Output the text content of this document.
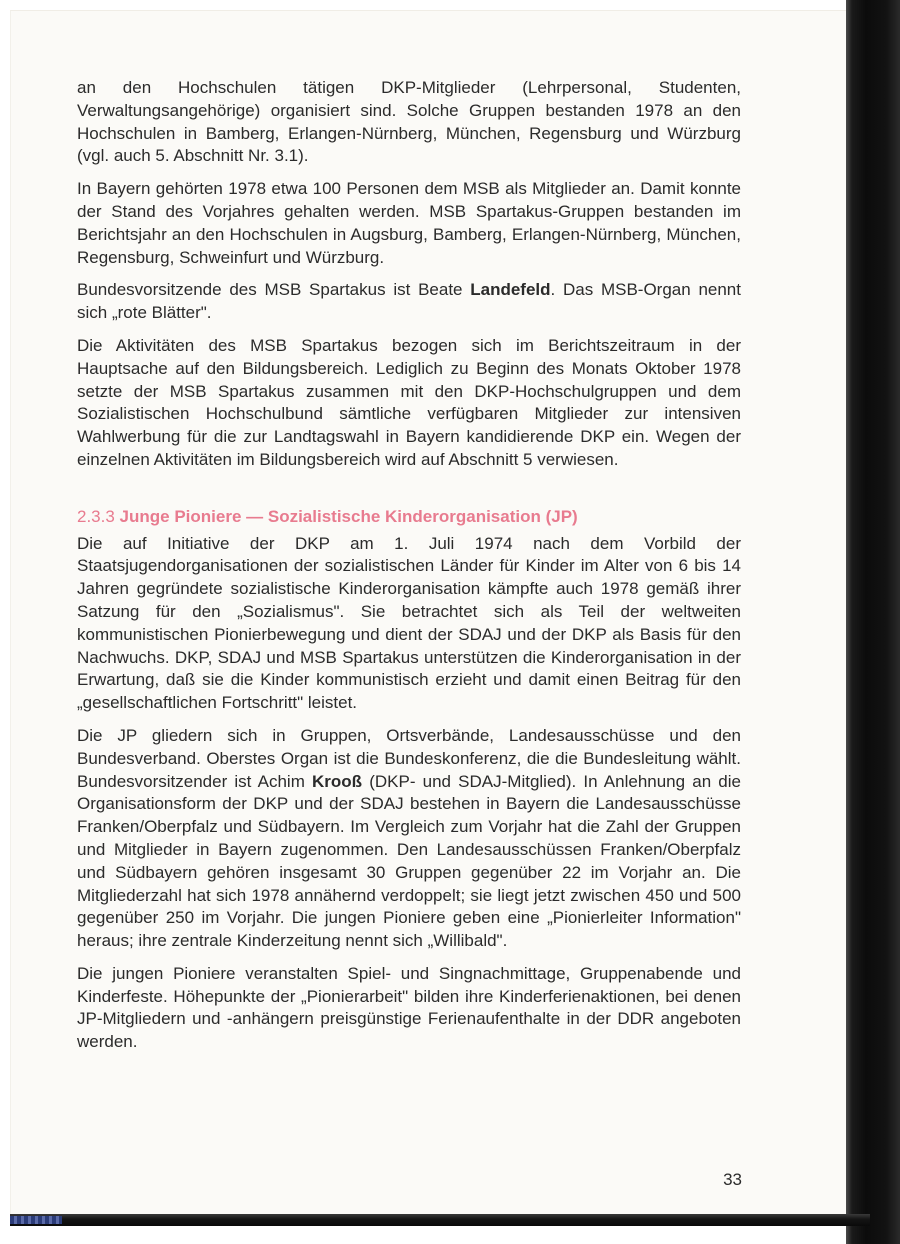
an den Hochschulen tätigen DKP-Mitglieder (Lehrpersonal, Studenten, Verwaltungsangehörige) organisiert sind. Solche Gruppen bestanden 1978 an den Hochschulen in Bamberg, Erlangen-Nürnberg, München, Regensburg und Würzburg (vgl. auch 5. Abschnitt Nr. 3.1).

In Bayern gehörten 1978 etwa 100 Personen dem MSB als Mitglieder an. Damit konnte der Stand des Vorjahres gehalten werden. MSB Spartakus-Gruppen bestanden im Berichtsjahr an den Hochschulen in Augsburg, Bamberg, Erlangen-Nürnberg, München, Regensburg, Schweinfurt und Würzburg.

Bundesvorsitzende des MSB Spartakus ist Beate Landefeld. Das MSB-Organ nennt sich „rote Blätter".

Die Aktivitäten des MSB Spartakus bezogen sich im Berichtszeitraum in der Hauptsache auf den Bildungsbereich. Lediglich zu Beginn des Monats Oktober 1978 setzte der MSB Spartakus zusammen mit den DKP-Hochschulgruppen und dem Sozialistischen Hochschulbund sämtliche verfügbaren Mitglieder zur intensiven Wahlwerbung für die zur Landtagswahl in Bayern kandidierende DKP ein. Wegen der einzelnen Aktivitäten im Bildungsbereich wird auf Abschnitt 5 verwiesen.

2.3.3 Junge Pioniere — Sozialistische Kinderorganisation (JP)

Die auf Initiative der DKP am 1. Juli 1974 nach dem Vorbild der Staatsjugendorganisationen der sozialistischen Länder für Kinder im Alter von 6 bis 14 Jahren gegründete sozialistische Kinderorganisation kämpfte auch 1978 gemäß ihrer Satzung für den „Sozialismus". Sie betrachtet sich als Teil der weltweiten kommunistischen Pionierbewegung und dient der SDAJ und der DKP als Basis für den Nachwuchs. DKP, SDAJ und MSB Spartakus unterstützen die Kinderorganisation in der Erwartung, daß sie die Kinder kommunistisch erzieht und damit einen Beitrag für den „gesellschaftlichen Fortschritt" leistet.

Die JP gliedern sich in Gruppen, Ortsverbände, Landesausschüsse und den Bundesverband. Oberstes Organ ist die Bundeskonferenz, die die Bundesleitung wählt. Bundesvorsitzender ist Achim Krooß (DKP- und SDAJ-Mitglied). In Anlehnung an die Organisationsform der DKP und der SDAJ bestehen in Bayern die Landesausschüsse Franken/Oberpfalz und Südbayern. Im Vergleich zum Vorjahr hat die Zahl der Gruppen und Mitglieder in Bayern zugenommen. Den Landesausschüssen Franken/Oberpfalz und Südbayern gehören insgesamt 30 Gruppen gegenüber 22 im Vorjahr an. Die Mitgliederzahl hat sich 1978 annähernd verdoppelt; sie liegt jetzt zwischen 450 und 500 gegenüber 250 im Vorjahr. Die jungen Pioniere geben eine „Pionierleiter Information" heraus; ihre zentrale Kinderzeitung nennt sich „Willibald".

Die jungen Pioniere veranstalten Spiel- und Singnachmittage, Gruppenabende und Kinderfeste. Höhepunkte der „Pionierarbeit" bilden ihre Kinderferienaktionen, bei denen JP-Mitgliedern und -anhängern preisgünstige Ferienaufenthalte in der DDR angeboten werden.

33
